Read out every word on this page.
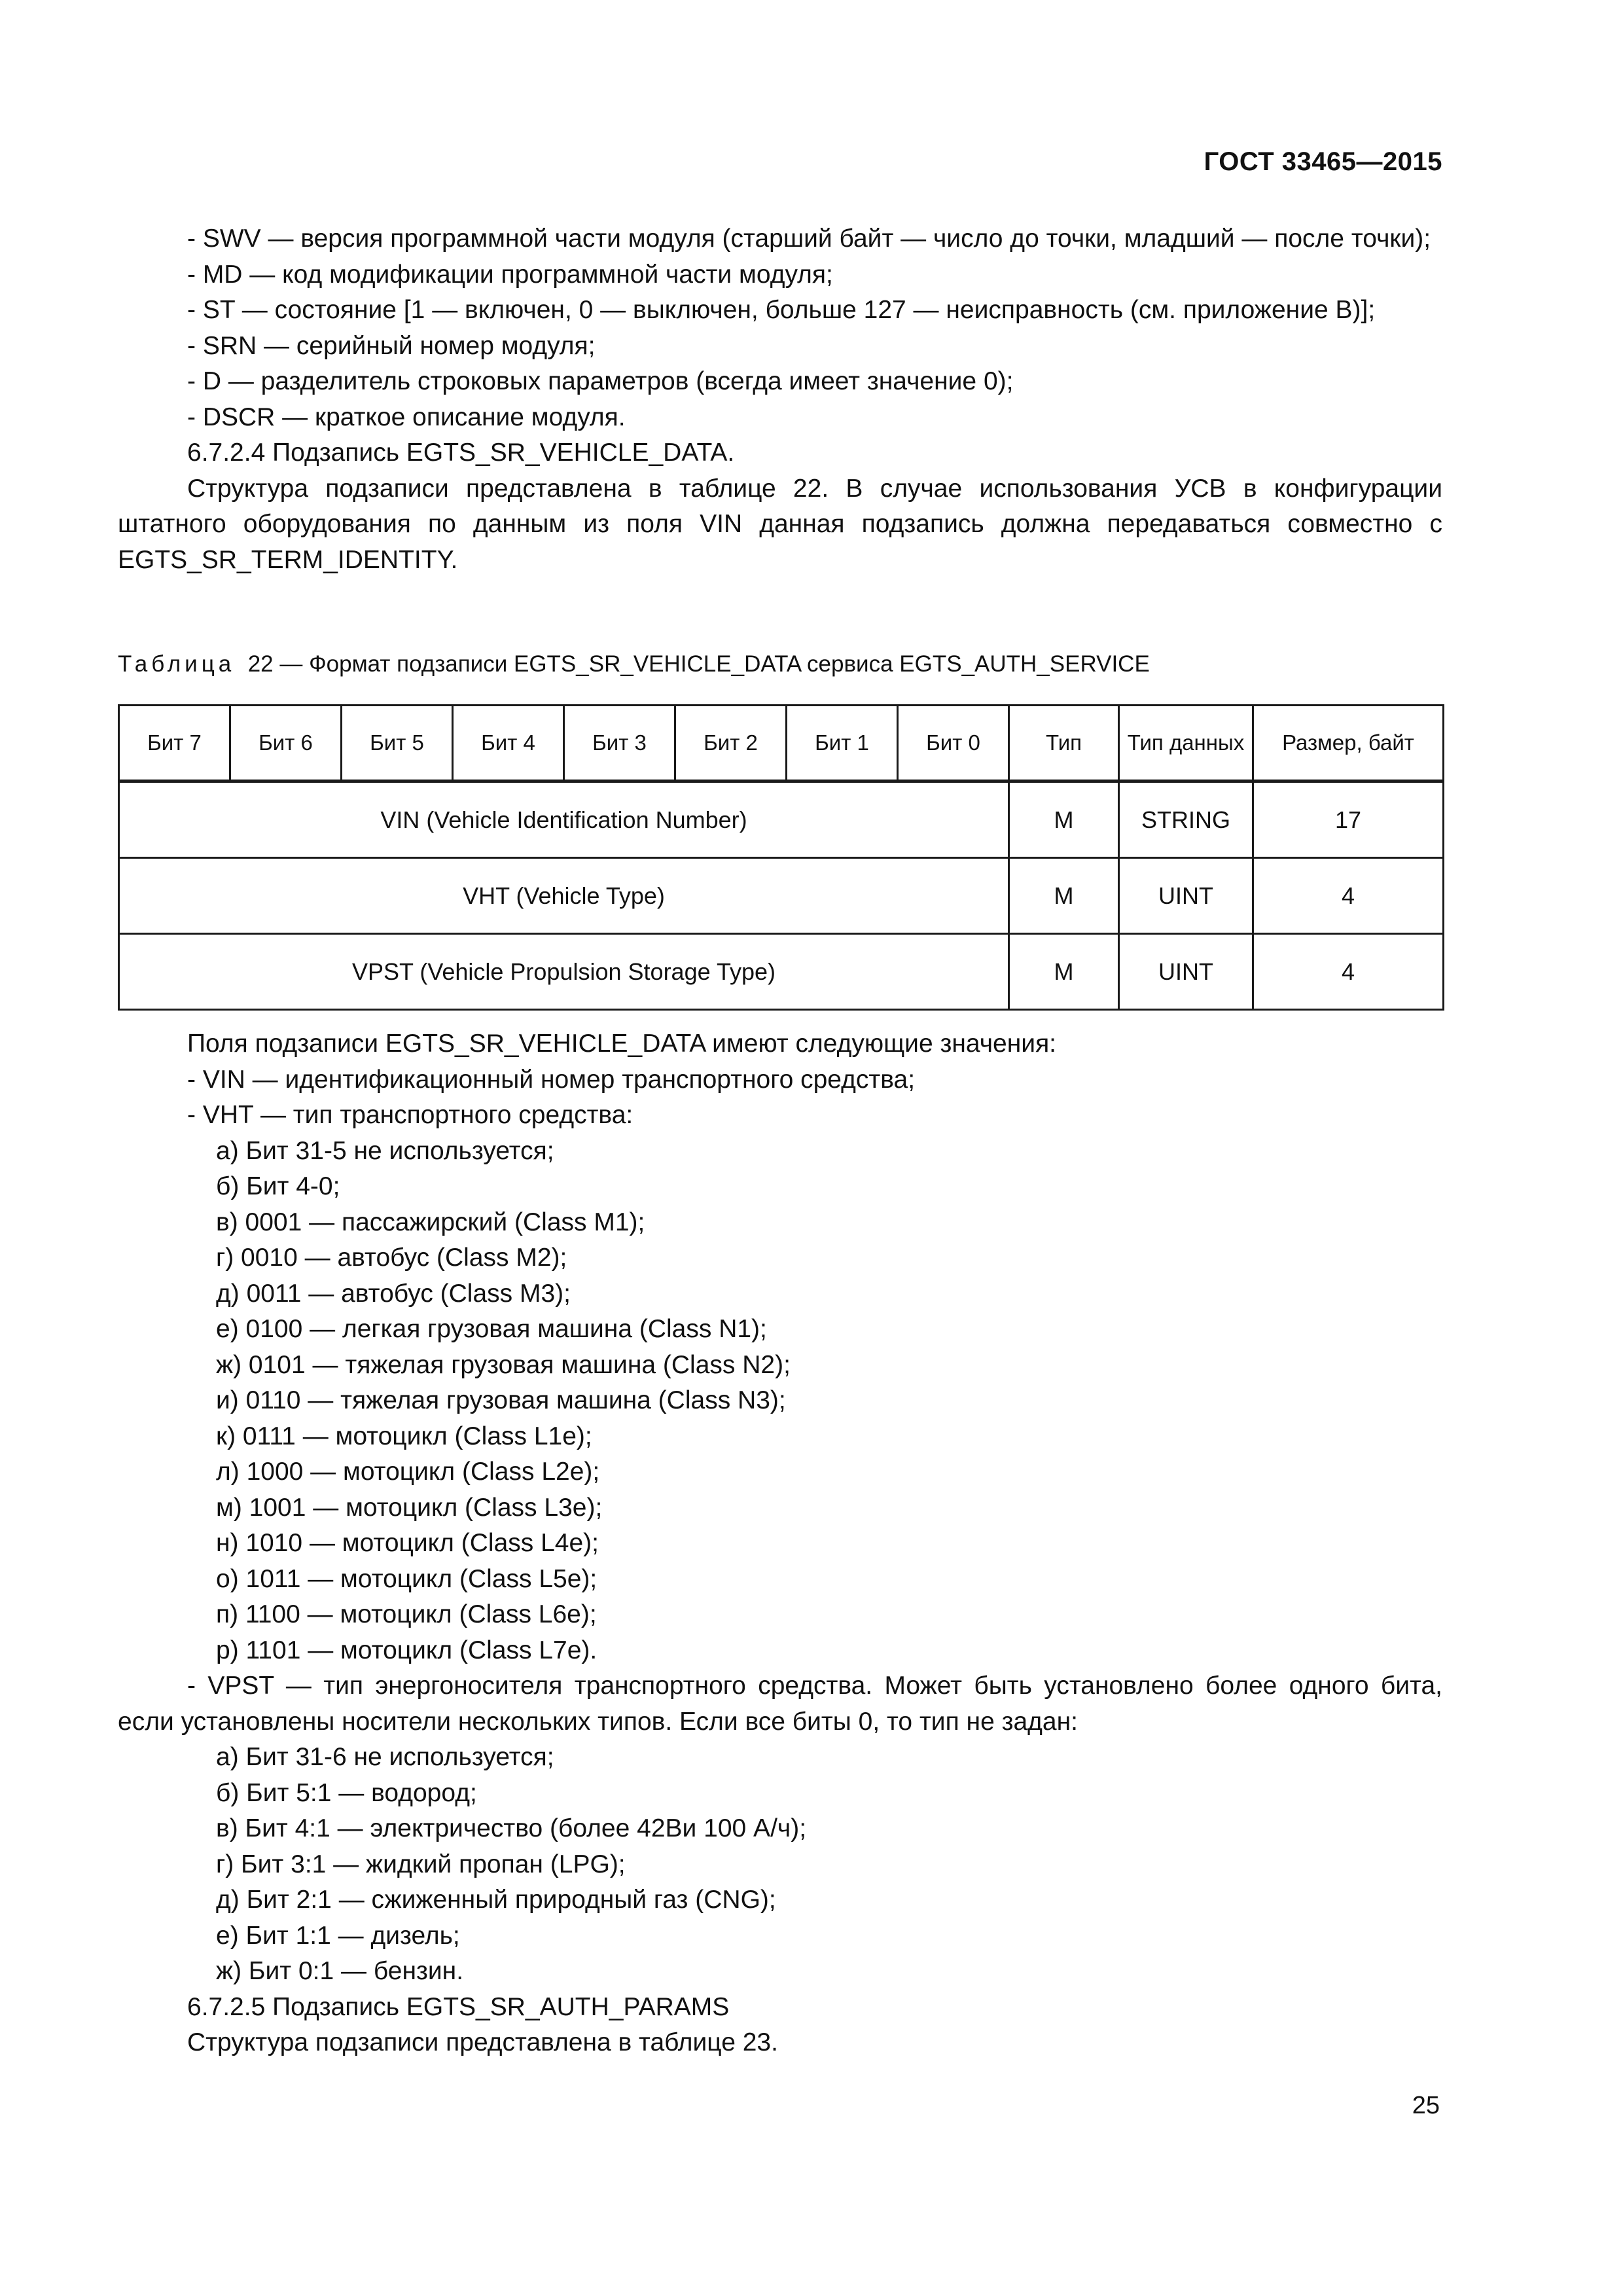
ГОСТ 33465—2015

- SWV — версия программной части модуля (старший байт — число до точки, младший — после точки);

- MD — код модификации программной части модуля;

- ST — состояние [1 — включен, 0 — выключен, больше 127 — неисправность (см. приложение В)];

- SRN — серийный номер модуля;

- D — разделитель строковых параметров (всегда имеет значение 0);

- DSCR — краткое описание модуля.

6.7.2.4 Подзапись EGTS_SR_VEHICLE_DATA.

Структура подзаписи представлена в таблице 22. В случае использования УСВ в конфигурации штатного оборудования по данным из поля VIN данная подзапись должна передаваться совместно с EGTS_SR_TERM_IDENTITY.

Таблица 22 — Формат подзаписи EGTS_SR_VEHICLE_DATA сервиса EGTS_AUTH_SERVICE
Бит 7	Бит 6	Бит 5	Бит 4	Бит 3	Бит 2	Бит 1	Бит 0	Тип	Тип данных	Размер, байт
VIN (Vehicle Identification Number)								M	STRING	17
VHT (Vehicle Type)								M	UINT	4
VPST (Vehicle Propulsion Storage Type)								M	UINT	4

Поля подзаписи EGTS_SR_VEHICLE_DATA имеют следующие значения:

- VIN — идентификационный номер транспортного средства;

- VHT — тип транспортного средства:

а) Бит 31-5 не используется;

б) Бит 4-0;

в) 0001 — пассажирский (Class M1);

г) 0010 — автобус (Class M2);

д) 0011 — автобус (Class M3);

е) 0100 — легкая грузовая машина (Class N1);

ж) 0101 — тяжелая грузовая машина (Class N2);

и) 0110 — тяжелая грузовая машина (Class N3);

к) 0111 — мотоцикл (Class L1e);

л) 1000 — мотоцикл (Class L2e);

м) 1001 — мотоцикл (Class L3e);

н) 1010 — мотоцикл (Class L4e);

о) 1011 — мотоцикл (Class L5e);

п) 1100 — мотоцикл (Class L6e);

р) 1101 — мотоцикл (Class L7e).

- VPST — тип энергоносителя транспортного средства. Может быть установлено более одного бита, если установлены носители нескольких типов. Если все биты 0, то тип не задан:

а) Бит 31-6 не используется;

б) Бит 5:1 — водород;

в) Бит 4:1 — электричество (более 42Ви 100 А/ч);

г) Бит 3:1 — жидкий пропан (LPG);

д) Бит 2:1 — сжиженный природный газ (CNG);

е) Бит 1:1 — дизель;

ж) Бит 0:1 — бензин.

6.7.2.5 Подзапись EGTS_SR_AUTH_PARAMS

Структура подзаписи представлена в таблице 23.

25
